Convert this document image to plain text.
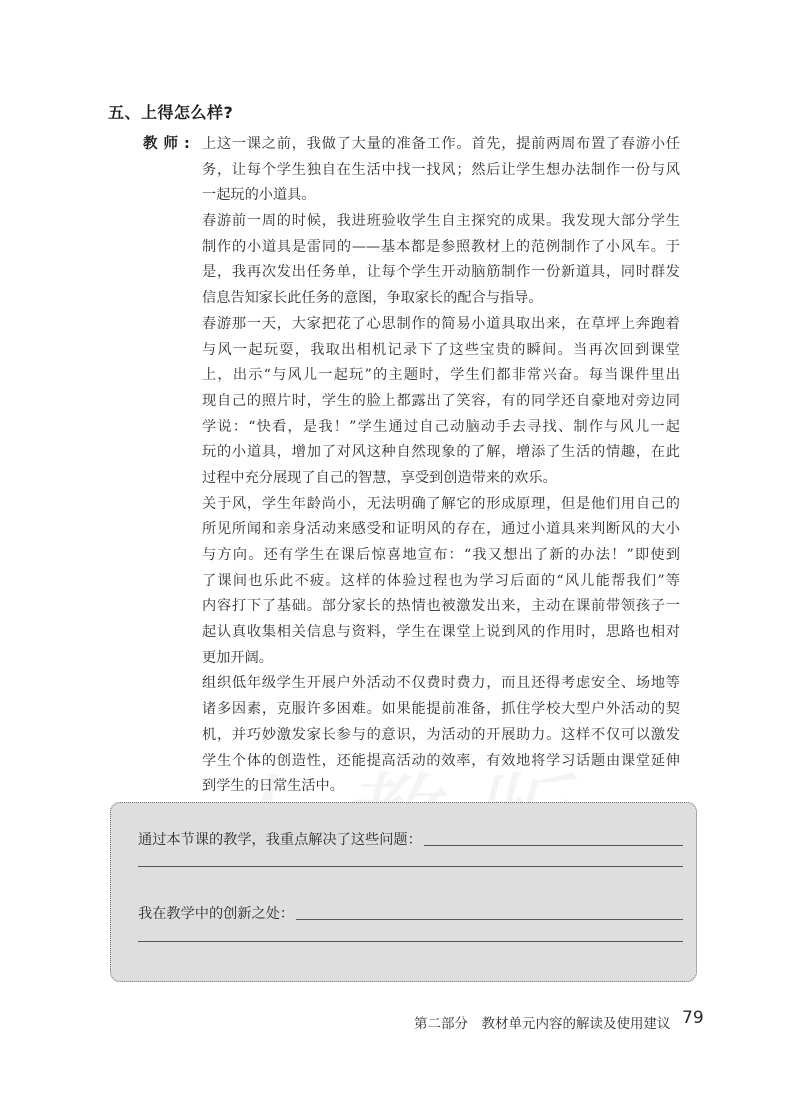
五、上得怎么样?
教师: 上这一课之前，我做了大量的准备工作。首先，提前两周布置了春游小任
务，让每个学生独自在生活中找一找风；然后让学生想办法制作一份与风
一起玩的小道具。
春游前一周的时候，我进班验收学生自主探究的成果。我发现大部分学生
制作的小道具是雷同的——基本都是参照教材上的范例制作了小风车。于
是，我再次发出任务单，让每个学生开动脑筋制作一份新道具，同时群发
信息告知家长此任务的意图，争取家长的配合与指导。
春游那一天，大家把花了心思制作的简易小道具取出来，在草坪上奔跑着
与风一起玩耍，我取出相机记录下了这些宝贵的瞬间。当再次回到课堂
上，出示“与风儿一起玩”的主题时，学生们都非常兴奋。每当课件里出
现自己的照片时，学生的脸上都露出了笑容，有的同学还自豪地对旁边同
学说：“快看，是我！”学生通过自己动脑动手去寻找、制作与风儿一起
玩的小道具，增加了对风这种自然现象的了解，增添了生活的情趣，在此
过程中充分展现了自己的智慧，享受到创造带来的欢乐。
关于风，学生年龄尚小，无法明确了解它的形成原理，但是他们用自己的
所见所闻和亲身活动来感受和证明风的存在，通过小道具来判断风的大小
与方向。还有学生在课后惊喜地宣布：“我又想出了新的办法！”即使到
了课间也乐此不疲。这样的体验过程也为学习后面的“风儿能帮我们”等
内容打下了基础。部分家长的热情也被激发出来，主动在课前带领孩子一
起认真收集相关信息与资料，学生在课堂上说到风的作用时，思路也相对
更加开阔。
组织低年级学生开展户外活动不仅费时费力，而且还得考虑安全、场地等
诸多因素，克服许多困难。如果能提前准备，抓住学校大型户外活动的契
机，并巧妙激发家长参与的意识，为活动的开展助力。这样不仅可以激发
学生个体的创造性，还能提高活动的效率，有效地将学习话题由课堂延伸
到学生的日常生活中。
通过本节课的教学，我重点解决了这些问题：
我在教学中的创新之处：
第二部分　教材单元内容的解读及使用建议 79
